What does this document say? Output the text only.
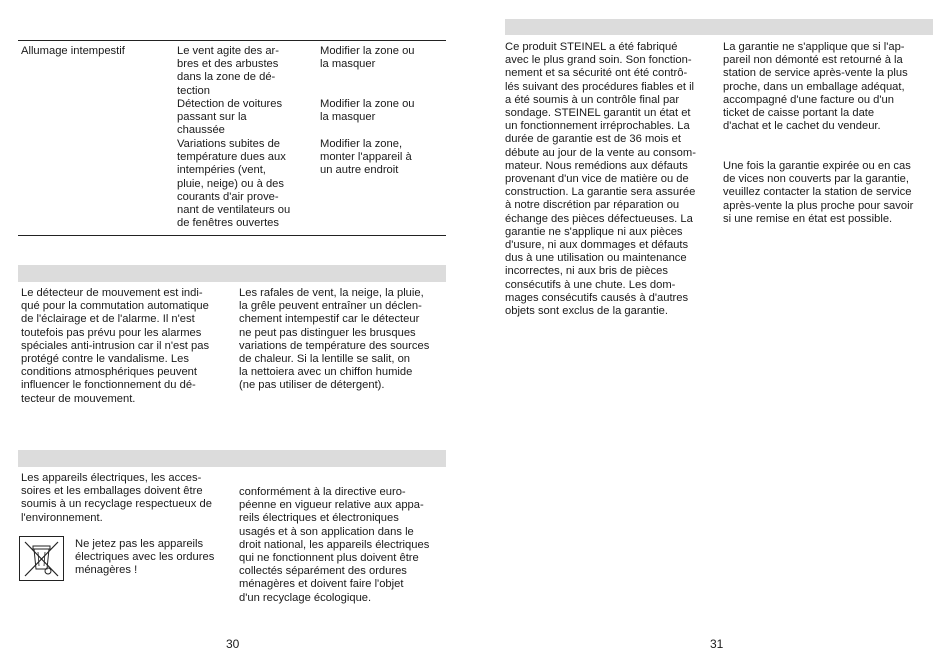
Allumage intempestif	Le vent agite des ar-
bres et des arbustes
dans la zone de dé-
tection
Modifier la zone ou
la masquer
Détection de voitures
passant sur la
chaussée
Modifier la zone ou
la masquer
Variations subites de
température dues aux
intempéries (vent,
pluie, neige) ou à des
courants d'air prove-
nant de ventilateurs ou
de fenêtres ouvertes
Modifier la zone,
monter l'appareil à
un autre endroit
Le détecteur de mouvement est indi-
qué pour la commutation automatique
de l'éclairage et de l'alarme. Il n'est
toutefois pas prévu pour les alarmes
spéciales anti-intrusion car il n'est pas
protégé contre le vandalisme. Les
conditions atmosphériques peuvent
influencer le fonctionnement du dé-
tecteur de mouvement.
Les rafales de vent, la neige, la pluie,
la grêle peuvent entraîner un déclen-
chement intempestif car le détecteur
ne peut pas distinguer les brusques
variations de température des sources
de chaleur. Si la lentille se salit, on
la nettoiera avec un chiffon humide
(ne pas utiliser de détergent).
Les appareils électriques, les acces-
soires et les emballages doivent être
soumis à un recyclage respectueux de
l'environnement.
Ne jetez pas les appareils
électriques avec les ordures
ménagères !
conformément à la directive euro-
péenne en vigueur relative aux appa-
reils électriques et électroniques
usagés et à son application dans le
droit national, les appareils électriques
qui ne fonctionnent plus doivent être
collectés séparément des ordures
ménagères et doivent faire l'objet
d'un recyclage écologique.
30
Ce produit STEINEL a été fabriqué
avec le plus grand soin. Son fonction-
nement et sa sécurité ont été contrô-
lés suivant des procédures fiables et il
a été soumis à un contrôle final par
sondage. STEINEL garantit un état et
un fonctionnement irréprochables. La
durée de garantie est de 36 mois et
débute au jour de la vente au consom-
mateur. Nous remédions aux défauts
provenant d'un vice de matière ou de
construction. La garantie sera assurée
à notre discrétion par réparation ou
échange des pièces défectueuses. La
garantie ne s'applique ni aux pièces
d'usure, ni aux dommages et défauts
dus à une utilisation ou maintenance
incorrectes, ni aux bris de pièces
consécutifs à une chute. Les dom-
mages consécutifs causés à d'autres
objets sont exclus de la garantie.
La garantie ne s'applique que si l'ap-
pareil non démonté est retourné à la
station de service après-vente la plus
proche, dans un emballage adéquat,
accompagné d'une facture ou d'un
ticket de caisse portant la date
d'achat et le cachet du vendeur.
Une fois la garantie expirée ou en cas
de vices non couverts par la garantie,
veuillez contacter la station de service
après-vente la plus proche pour savoir
si une remise en état est possible.
31
